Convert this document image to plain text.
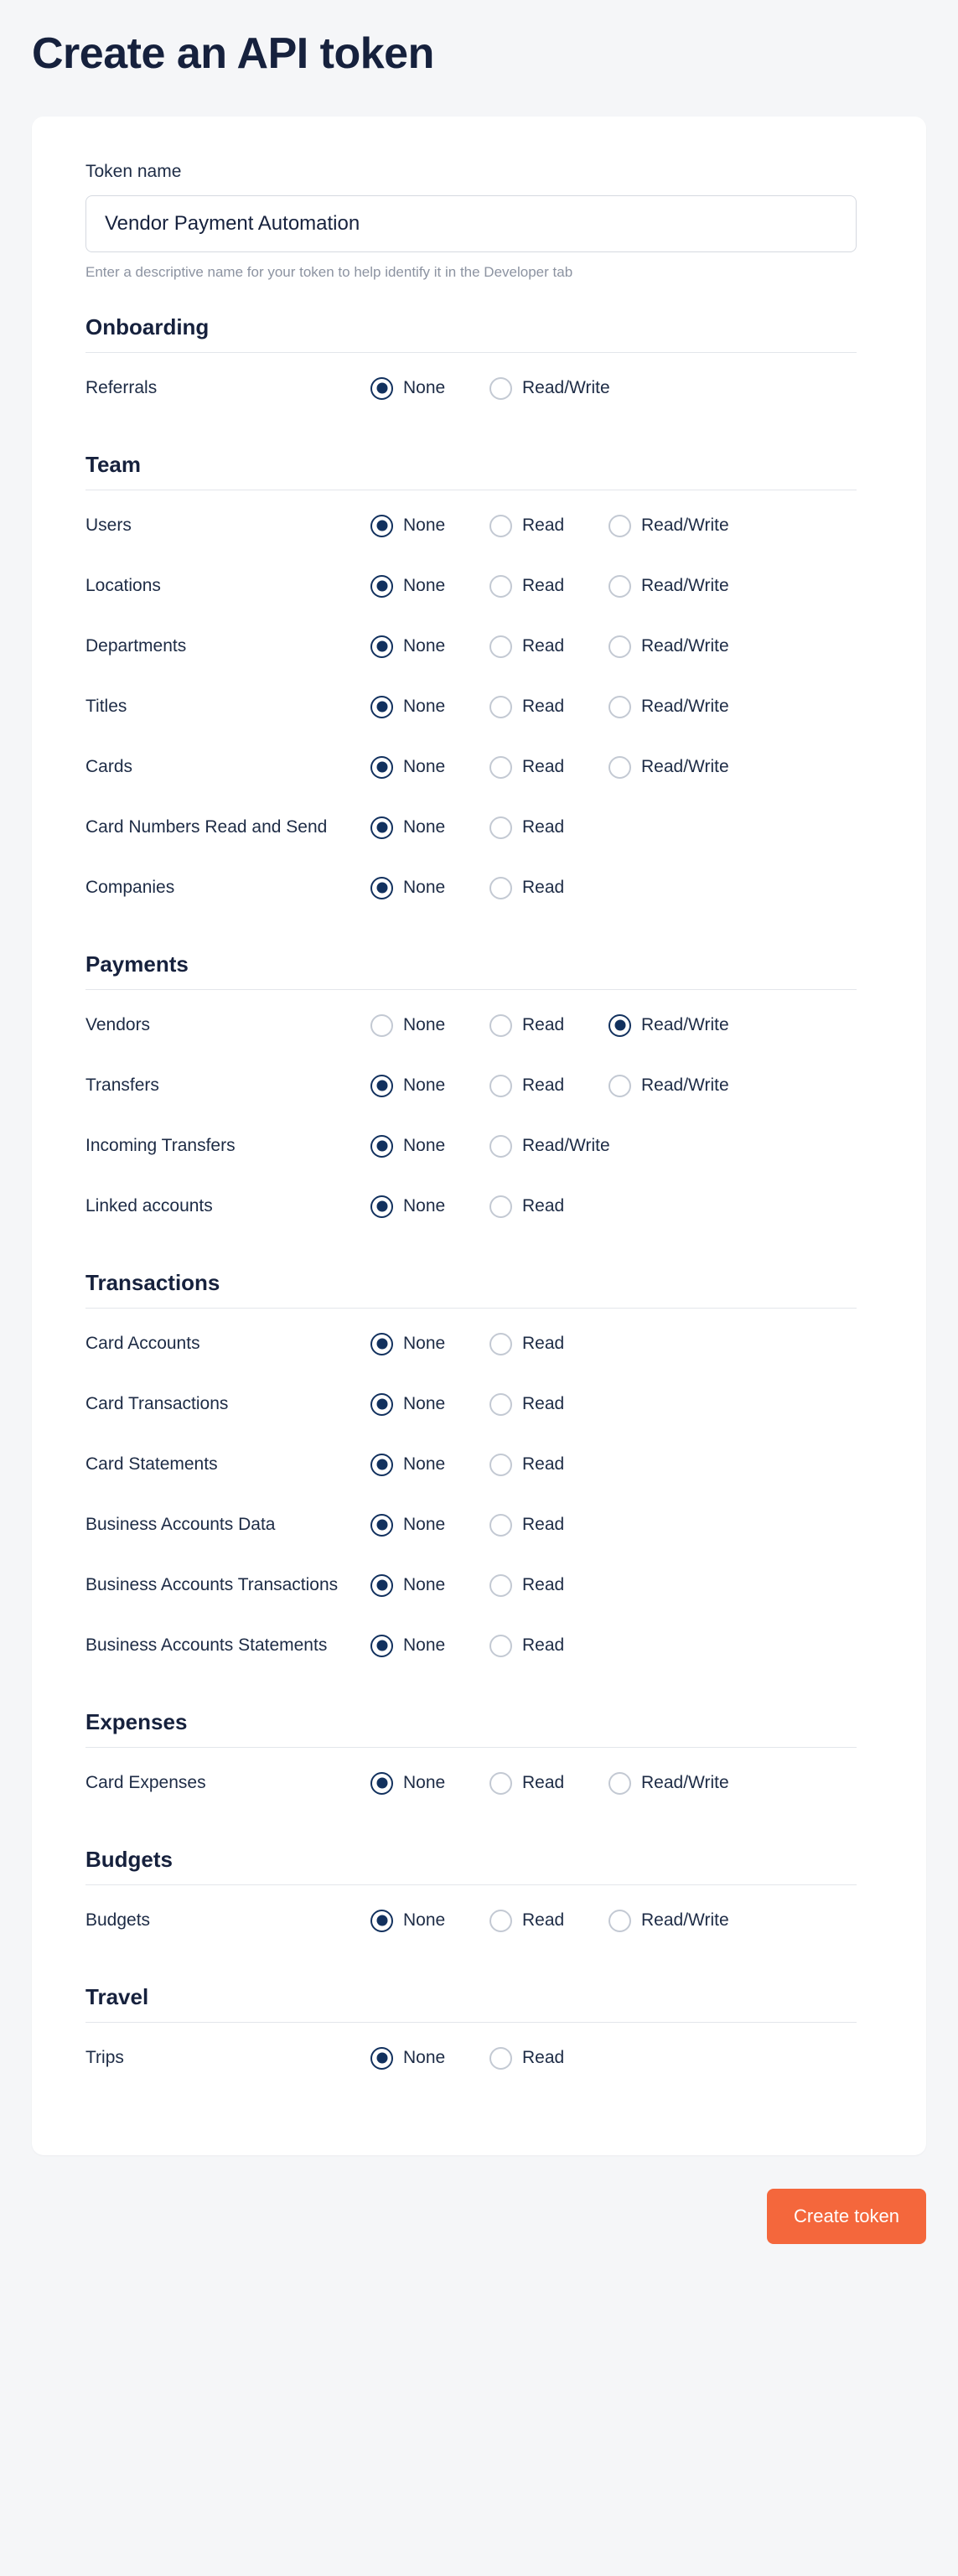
Create an API token
Token name
Vendor Payment Automation
Enter a descriptive name for your token to help identify it in the Developer tab
Onboarding
Referrals	None	Read/Write
Team
Users	None	Read	Read/Write
Locations	None	Read	Read/Write
Departments	None	Read	Read/Write
Titles	None	Read	Read/Write
Cards	None	Read	Read/Write
Card Numbers Read and Send	None	Read
Companies	None	Read
Payments
Vendors	None	Read	Read/Write
Transfers	None	Read	Read/Write
Incoming Transfers	None	Read/Write
Linked accounts	None	Read
Transactions
Card Accounts	None	Read
Card Transactions	None	Read
Card Statements	None	Read
Business Accounts Data	None	Read
Business Accounts Transactions	None	Read
Business Accounts Statements	None	Read
Expenses
Card Expenses	None	Read	Read/Write
Budgets
Budgets	None	Read	Read/Write
Travel
Trips	None	Read
Create token
